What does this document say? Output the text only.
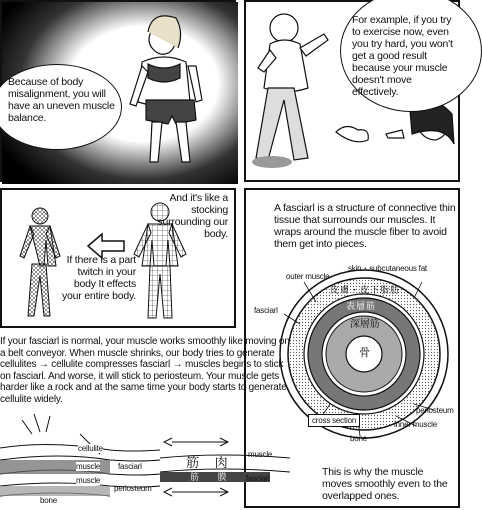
Because of body misalignment, you will have an uneven muscle balance.
For example, if you try to exercise now, even you try hard, you won't get a good result because your muscle doesn't move effectively.
And it's like a stocking surrounding our body.
If there is a part twitch in your body It effects your entire body.
A fasciarl is a structure of connective thin tissue that surrounds our muscles. It wraps around the muscle fiber to avoid them get into pieces.
skin・subcutaneous fat
outer muscle
fasciarl
皮膚・皮下脂肪
表層筋
深層筋
骨
cross section
periosteum
inner muscle
bone
This is why the muscle moves smoothly even to the overlapped ones.
If your fasciarl is normal, your muscle works smoothly like moving on a belt conveyor. When muscle shrinks, our body tries to generate cellulites → cellulite compresses fasciarl → muscles begins to stick on fasciarl. And worse, it will stick to periosteum. Your muscle gets harder like a rock and at the same time your body starts to generate cellulite widely.
cellulite
muscle fasciarl
muscle
periosteum
bone
筋 肉
筋 膜
muscle
fasciarl
